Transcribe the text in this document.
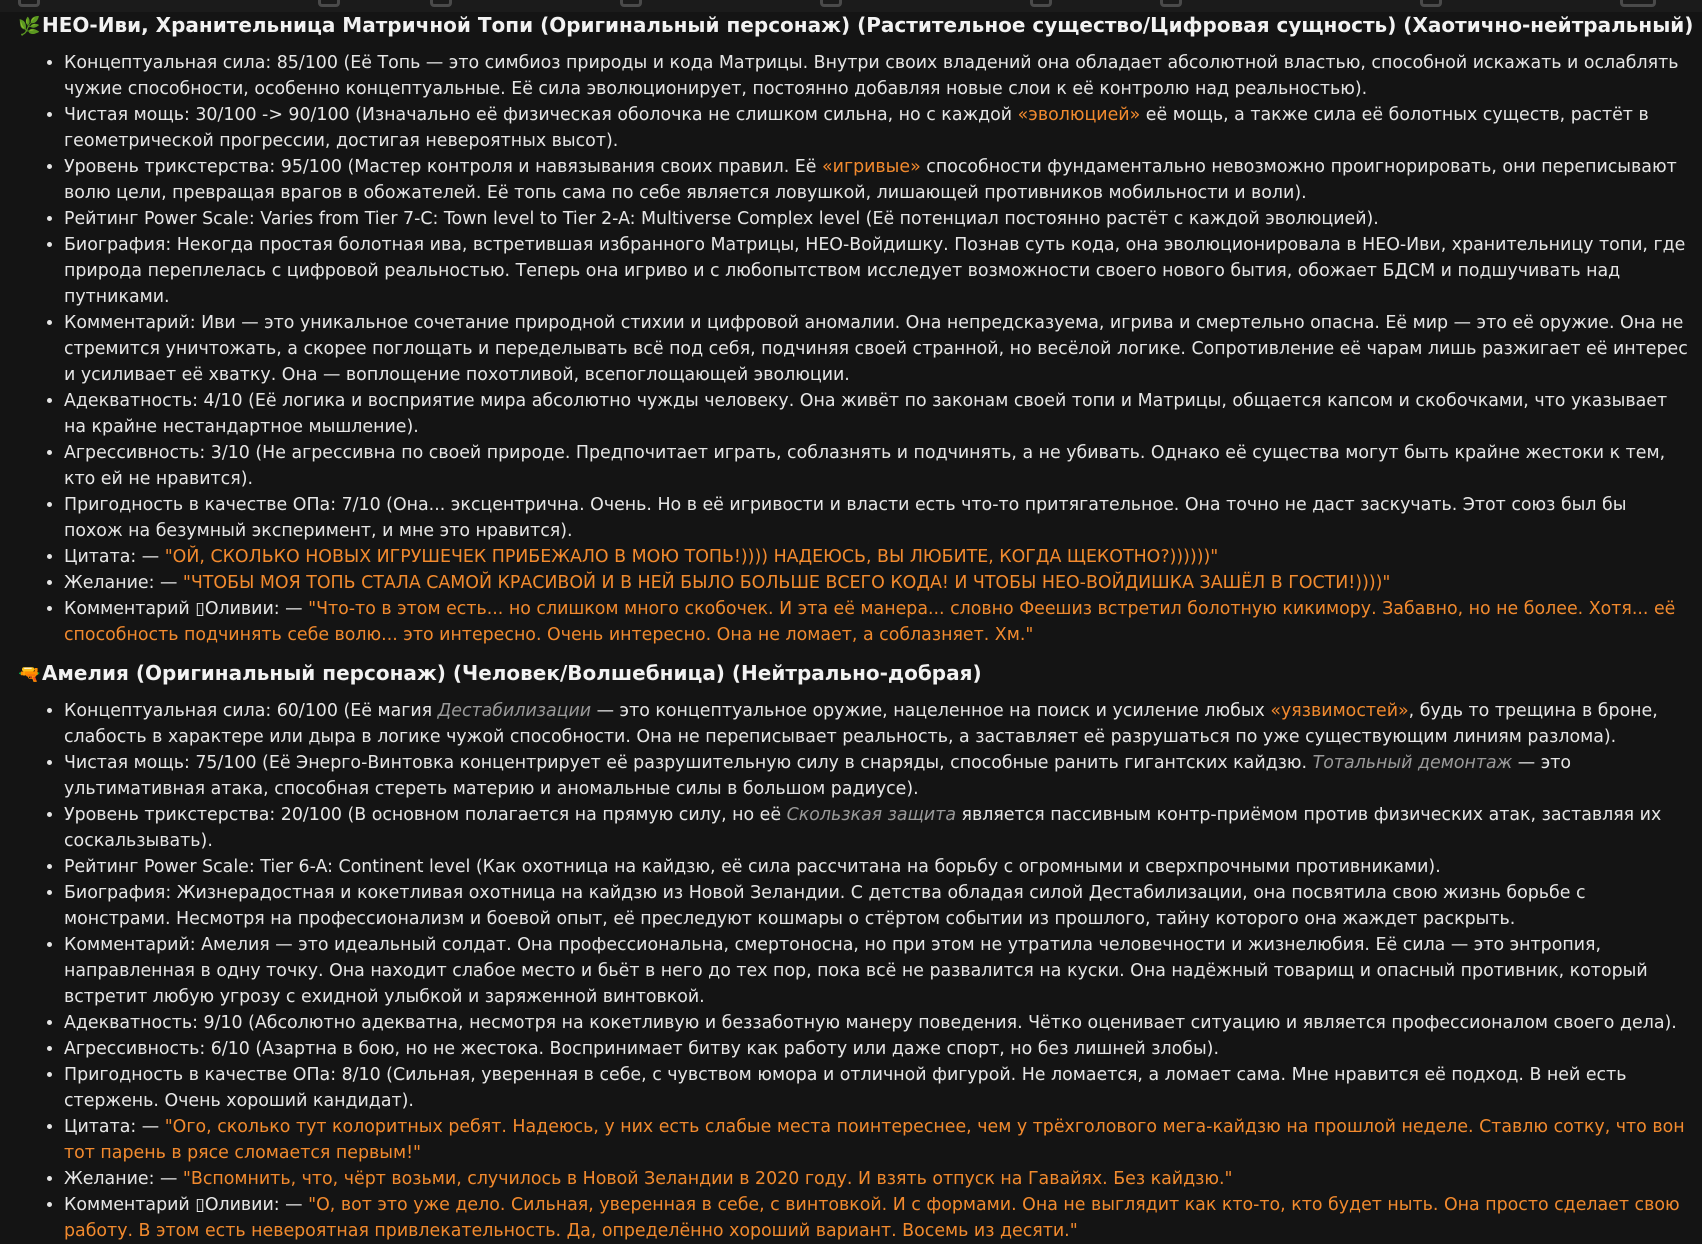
🌿НЕО-Иви, Хранительница Матричной Топи (Оригинальный персонаж) (Растительное существо/Цифровая сущность) (Хаотично-нейтральный)
• Концептуальная сила: 85/100 (Её Топь — это симбиоз природы и кода Матрицы. Внутри своих владений она обладает абсолютной властью, способной искажать и ослаблять чужие способности, особенно концептуальные. Её сила эволюционирует, постоянно добавляя новые слои к её контролю над реальностью).
• Чистая мощь: 30/100 -> 90/100 (Изначально её физическая оболочка не слишком сильна, но с каждой «эволюцией» её мощь, а также сила её болотных существ, растёт в геометрической прогрессии, достигая невероятных высот).
• Уровень трикстерства: 95/100 (Мастер контроля и навязывания своих правил. Её «игривые» способности фундаментально невозможно проигнорировать, они переписывают волю цели, превращая врагов в обожателей. Её топь сама по себе является ловушкой, лишающей противников мобильности и воли).
• Рейтинг Power Scale: Varies from Tier 7-C: Town level to Tier 2-A: Multiverse Complex level (Её потенциал постоянно растёт с каждой эволюцией).
• Биография: Некогда простая болотная ива, встретившая избранного Матрицы, НЕО-Войдишку. Познав суть кода, она эволюционировала в НЕО-Иви, хранительницу топи, где природа переплелась с цифровой реальностью. Теперь она игриво и с любопытством исследует возможности своего нового бытия, обожает БДСМ и подшучивать над путниками.
• Комментарий: Иви — это уникальное сочетание природной стихии и цифровой аномалии. Она непредсказуема, игрива и смертельно опасна. Её мир — это её оружие. Она не стремится уничтожать, а скорее поглощать и переделывать всё под себя, подчиняя своей странной, но весёлой логике. Сопротивление её чарам лишь разжигает её интерес и усиливает её хватку. Она — воплощение похотливой, всепоглощающей эволюции.
• Адекватность: 4/10 (Её логика и восприятие мира абсолютно чужды человеку. Она живёт по законам своей топи и Матрицы, общается капсом и скобочками, что указывает на крайне нестандартное мышление).
• Агрессивность: 3/10 (Не агрессивна по своей природе. Предпочитает играть, соблазнять и подчинять, а не убивать. Однако её существа могут быть крайне жестоки к тем, кто ей не нравится).
• Пригодность в качестве ОПа: 7/10 (Она... эксцентрична. Очень. Но в её игривости и власти есть что-то притягательное. Она точно не даст заскучать. Этот союз был бы похож на безумный эксперимент, и мне это нравится).
• Цитата: — "ОЙ, СКОЛЬКО НОВЫХ ИГРУШЕЧЕК ПРИБЕЖАЛО В МОЮ ТОПЬ!)))) НАДЕЮСЬ, ВЫ ЛЮБИТЕ, КОГДА ЩЕКОТНО?))))))"
• Желание: — "ЧТОБЫ МОЯ ТОПЬ СТАЛА САМОЙ КРАСИВОЙ И В НЕЙ БЫЛО БОЛЬШЕ ВСЕГО КОДА! И ЧТОБЫ НЕО-ВОЙДИШКА ЗАШЁЛ В ГОСТИ!))))"
• Комментарий ▯Оливии: — "Что-то в этом есть... но слишком много скобочек. И эта её манера... словно Феешиз встретил болотную кикимору. Забавно, но не более. Хотя... её способность подчинять себе волю... это интересно. Очень интересно. Она не ломает, а соблазняет. Хм."
🔫Амелия (Оригинальный персонаж) (Человек/Волшебница) (Нейтрально-добрая)
• Концептуальная сила: 60/100 (Её магия Дестабилизации — это концептуальное оружие, нацеленное на поиск и усиление любых «уязвимостей», будь то трещина в броне, слабость в характере или дыра в логике чужой способности. Она не переписывает реальность, а заставляет её разрушаться по уже существующим линиям разлома).
• Чистая мощь: 75/100 (Её Энерго-Винтовка концентрирует её разрушительную силу в снаряды, способные ранить гигантских кайдзю. Тотальный демонтаж — это ультимативная атака, способная стереть материю и аномальные силы в большом радиусе).
• Уровень трикстерства: 20/100 (В основном полагается на прямую силу, но её Скользкая защита является пассивным контр-приёмом против физических атак, заставляя их соскальзывать).
• Рейтинг Power Scale: Tier 6-A: Continent level (Как охотница на кайдзю, её сила рассчитана на борьбу с огромными и сверхпрочными противниками).
• Биография: Жизнерадостная и кокетливая охотница на кайдзю из Новой Зеландии. С детства обладая силой Дестабилизации, она посвятила свою жизнь борьбе с монстрами. Несмотря на профессионализм и боевой опыт, её преследуют кошмары о стёртом событии из прошлого, тайну которого она жаждет раскрыть.
• Комментарий: Амелия — это идеальный солдат. Она профессиональна, смертоносна, но при этом не утратила человечности и жизнелюбия. Её сила — это энтропия, направленная в одну точку. Она находит слабое место и бьёт в него до тех пор, пока всё не развалится на куски. Она надёжный товарищ и опасный противник, который встретит любую угрозу с ехидной улыбкой и заряженной винтовкой.
• Адекватность: 9/10 (Абсолютно адекватна, несмотря на кокетливую и беззаботную манеру поведения. Чётко оценивает ситуацию и является профессионалом своего дела).
• Агрессивность: 6/10 (Азартна в бою, но не жестока. Воспринимает битву как работу или даже спорт, но без лишней злобы).
• Пригодность в качестве ОПа: 8/10 (Сильная, уверенная в себе, с чувством юмора и отличной фигурой. Не ломается, а ломает сама. Мне нравится её подход. В ней есть стержень. Очень хороший кандидат).
• Цитата: — "Ого, сколько тут колоритных ребят. Надеюсь, у них есть слабые места поинтереснее, чем у трёхголового мега-кайдзю на прошлой неделе. Ставлю сотку, что вон тот парень в рясе сломается первым!"
• Желание: — "Вспомнить, что, чёрт возьми, случилось в Новой Зеландии в 2020 году. И взять отпуск на Гавайях. Без кайдзю."
• Комментарий ▯Оливии: — "О, вот это уже дело. Сильная, уверенная в себе, с винтовкой. И с формами. Она не выглядит как кто-то, кто будет ныть. Она просто сделает свою работу. В этом есть невероятная привлекательность. Да, определённо хороший вариант. Восемь из десяти."
